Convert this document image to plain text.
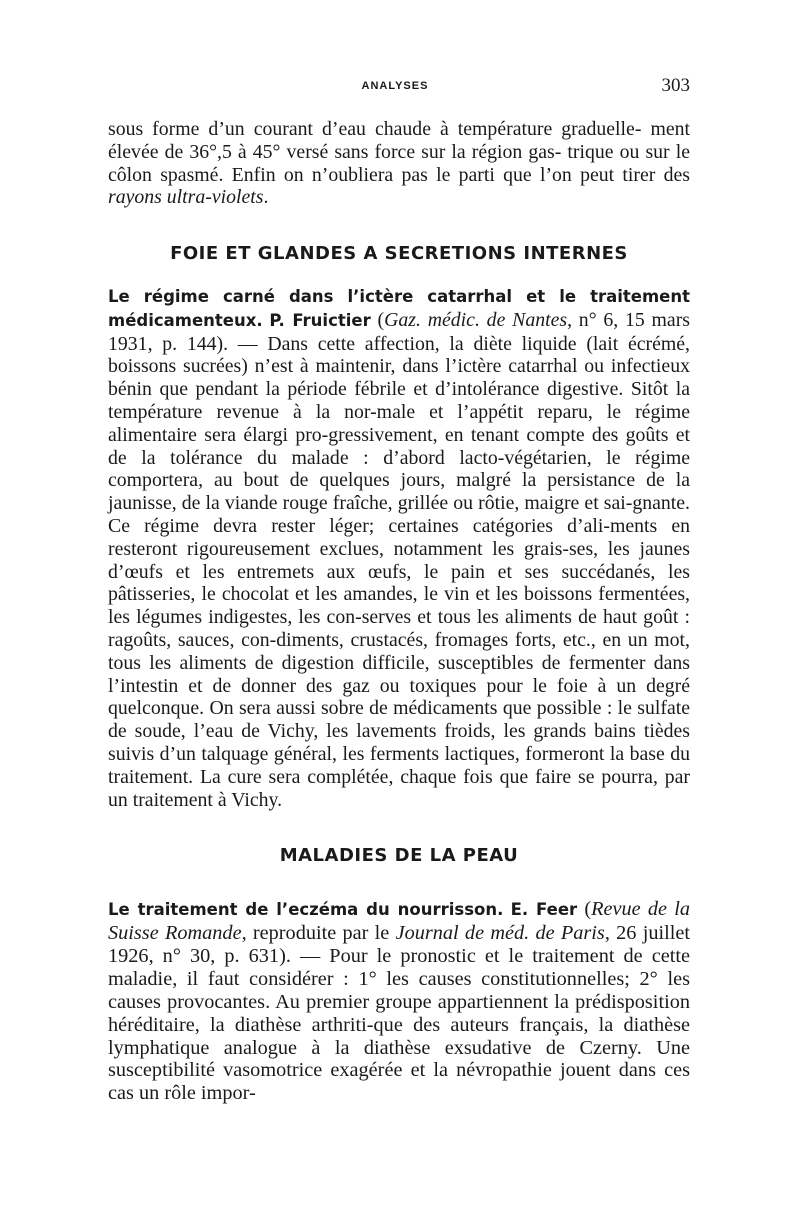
ANALYSES	303

sous forme d’un courant d’eau chaude à température graduelle- ment élevée de 36°,5 à 45° versé sans force sur la région gas- trique ou sur le côlon spasmé. Enfin on n’oubliera pas le parti que l’on peut tirer des rayons ultra-violets.

FOIE ET GLANDES A SECRETIONS INTERNES

Le régime carné dans l’ictère catarrhal et le traitement médicamenteux. P. Fruictier (Gaz. médic. de Nantes, n° 6, 15 mars 1931, p. 144). — Dans cette affection, la diète liquide (lait écrémé, boissons sucrées) n’est à maintenir, dans l’ictère catarrhal ou infectieux bénin que pendant la période fébrile et d’intolérance digestive. Sitôt la température revenue à la nor-male et l’appétit reparu, le régime alimentaire sera élargi pro-gressivement, en tenant compte des goûts et de la tolérance du malade : d’abord lacto-végétarien, le régime comportera, au bout de quelques jours, malgré la persistance de la jaunisse, de la viande rouge fraîche, grillée ou rôtie, maigre et sai-gnante. Ce régime devra rester léger; certaines catégories d’ali-ments en resteront rigoureusement exclues, notamment les grais-ses, les jaunes d’œufs et les entremets aux œufs, le pain et ses succédanés, les pâtisseries, le chocolat et les amandes, le vin et les boissons fermentées, les légumes indigestes, les con-serves et tous les aliments de haut goût : ragoûts, sauces, con-diments, crustacés, fromages forts, etc., en un mot, tous les aliments de digestion difficile, susceptibles de fermenter dans l’intestin et de donner des gaz ou toxiques pour le foie à un degré quelconque. On sera aussi sobre de médicaments que possible : le sulfate de soude, l’eau de Vichy, les lavements froids, les grands bains tièdes suivis d’un talquage général, les ferments lactiques, formeront la base du traitement. La cure sera complétée, chaque fois que faire se pourra, par un traitement à Vichy.

MALADIES DE LA PEAU

Le traitement de l’eczéma du nourrisson. E. Feer (Revue de la Suisse Romande, reproduite par le Journal de méd. de Paris, 26 juillet 1926, n° 30, p. 631). — Pour le pronostic et le traitement de cette maladie, il faut considérer : 1° les causes constitutionnelles; 2° les causes provocantes. Au premier groupe appartiennent la prédisposition héréditaire, la diathèse arthriti-que des auteurs français, la diathèse lymphatique analogue à la diathèse exsudative de Czerny. Une susceptibilité vasomotrice exagérée et la névropathie jouent dans ces cas un rôle impor-
